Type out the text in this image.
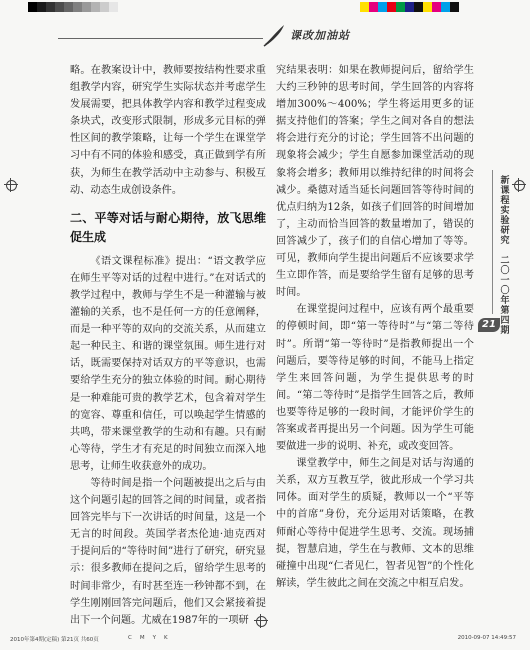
课改加油站

略。在教案设计中，教师要按结构性要求重组教学内容，研究学生实际状态并考虑学生发展需要，把具体教学内容和教学过程变成条块式，改变形式限制，形成多元目标的弹性区间的教学策略，让每一个学生在课堂学习中有不同的体验和感受，真正做到学有所获，为师生在教学活动中主动参与、积极互动、动态生成创设条件。

二、平等对话与耐心期待，放飞思维促生成

《语文课程标准》提出：“语文教学应在师生平等对话的过程中进行。”在对话式的教学过程中，教师与学生不是一种灌输与被灌输的关系，也不是任何一方的任意阐释，而是一种平等的双向的交流关系，从而建立起一种民主、和谐的课堂氛围。师生进行对话，既需要保持对话双方的平等意识，也需要给学生充分的独立体验的时间。耐心期待是一种难能可贵的教学艺术，包含着对学生的宽容、尊重和信任，可以唤起学生情感的共鸣，带来课堂教学的生动和有趣。只有耐心等待，学生才有充足的时间独立而深入地思考，让师生收获意外的成功。

等待时间是指一个问题被提出之后与由这个问题引起的回答之间的时间量，或者指回答完毕与下一次讲话的时间量，这是一个无言的时间段。英国学者杰伦迪·迪克西对于提问后的“等待时间”进行了研究，研究显示：很多教师在提问之后，留给学生思考的时间非常少，有时甚至连一秒钟都不到，在学生刚刚回答完问题后，他们又会紧接着提出下一个问题。尤威在1987年的一项研

究结果表明：如果在教师提问后，留给学生大约三秒钟的思考时间，学生回答的内容将增加300%～400%；学生将运用更多的证据支持他们的答案；学生之间对各自的想法将会进行充分的讨论；学生回答不出问题的现象将会减少；学生自愿参加课堂活动的现象将会增多；教师用以维持纪律的时间将会减少。桑德对适当延长问题回答等待时间的优点归纳为12条，如孩子们回答的时间增加了，主动而恰当回答的数量增加了，错误的回答减少了，孩子们的自信心增加了等等。可见，教师向学生提出问题后不应该要求学生立即作答，而是要给学生留有足够的思考时间。

在课堂提问过程中，应该有两个最重要的停顿时间，即“第一等待时”与“第二等待时”。所谓“第一等待时”是指教师提出一个问题后，要等待足够的时间，不能马上指定学生来回答问题，为学生提供思考的时间。“第二等待时”是指学生回答之后，教师也要等待足够的一段时间，才能评价学生的答案或者再提出另一个问题。因为学生可能要做进一步的说明、补充，或改变回答。

课堂教学中，师生之间是对话与沟通的关系，双方互教互学，彼此形成一个学习共同体。面对学生的质疑，教师以一个“平等中的首席”身份，充分运用对话策略，在教师耐心等待中促进学生思考、交流。现场捕捉，智慧启迪，学生在与教师、文本的思维碰撞中出现“仁者见仁，智者见智”的个性化解读，学生彼此之间在交流之中相互启发。

新课程实验研究
二〇一〇年第四期
21
2010年第4期(定稿) 第21页 共60页	C M Y K	2010-09-07 14:49:57
